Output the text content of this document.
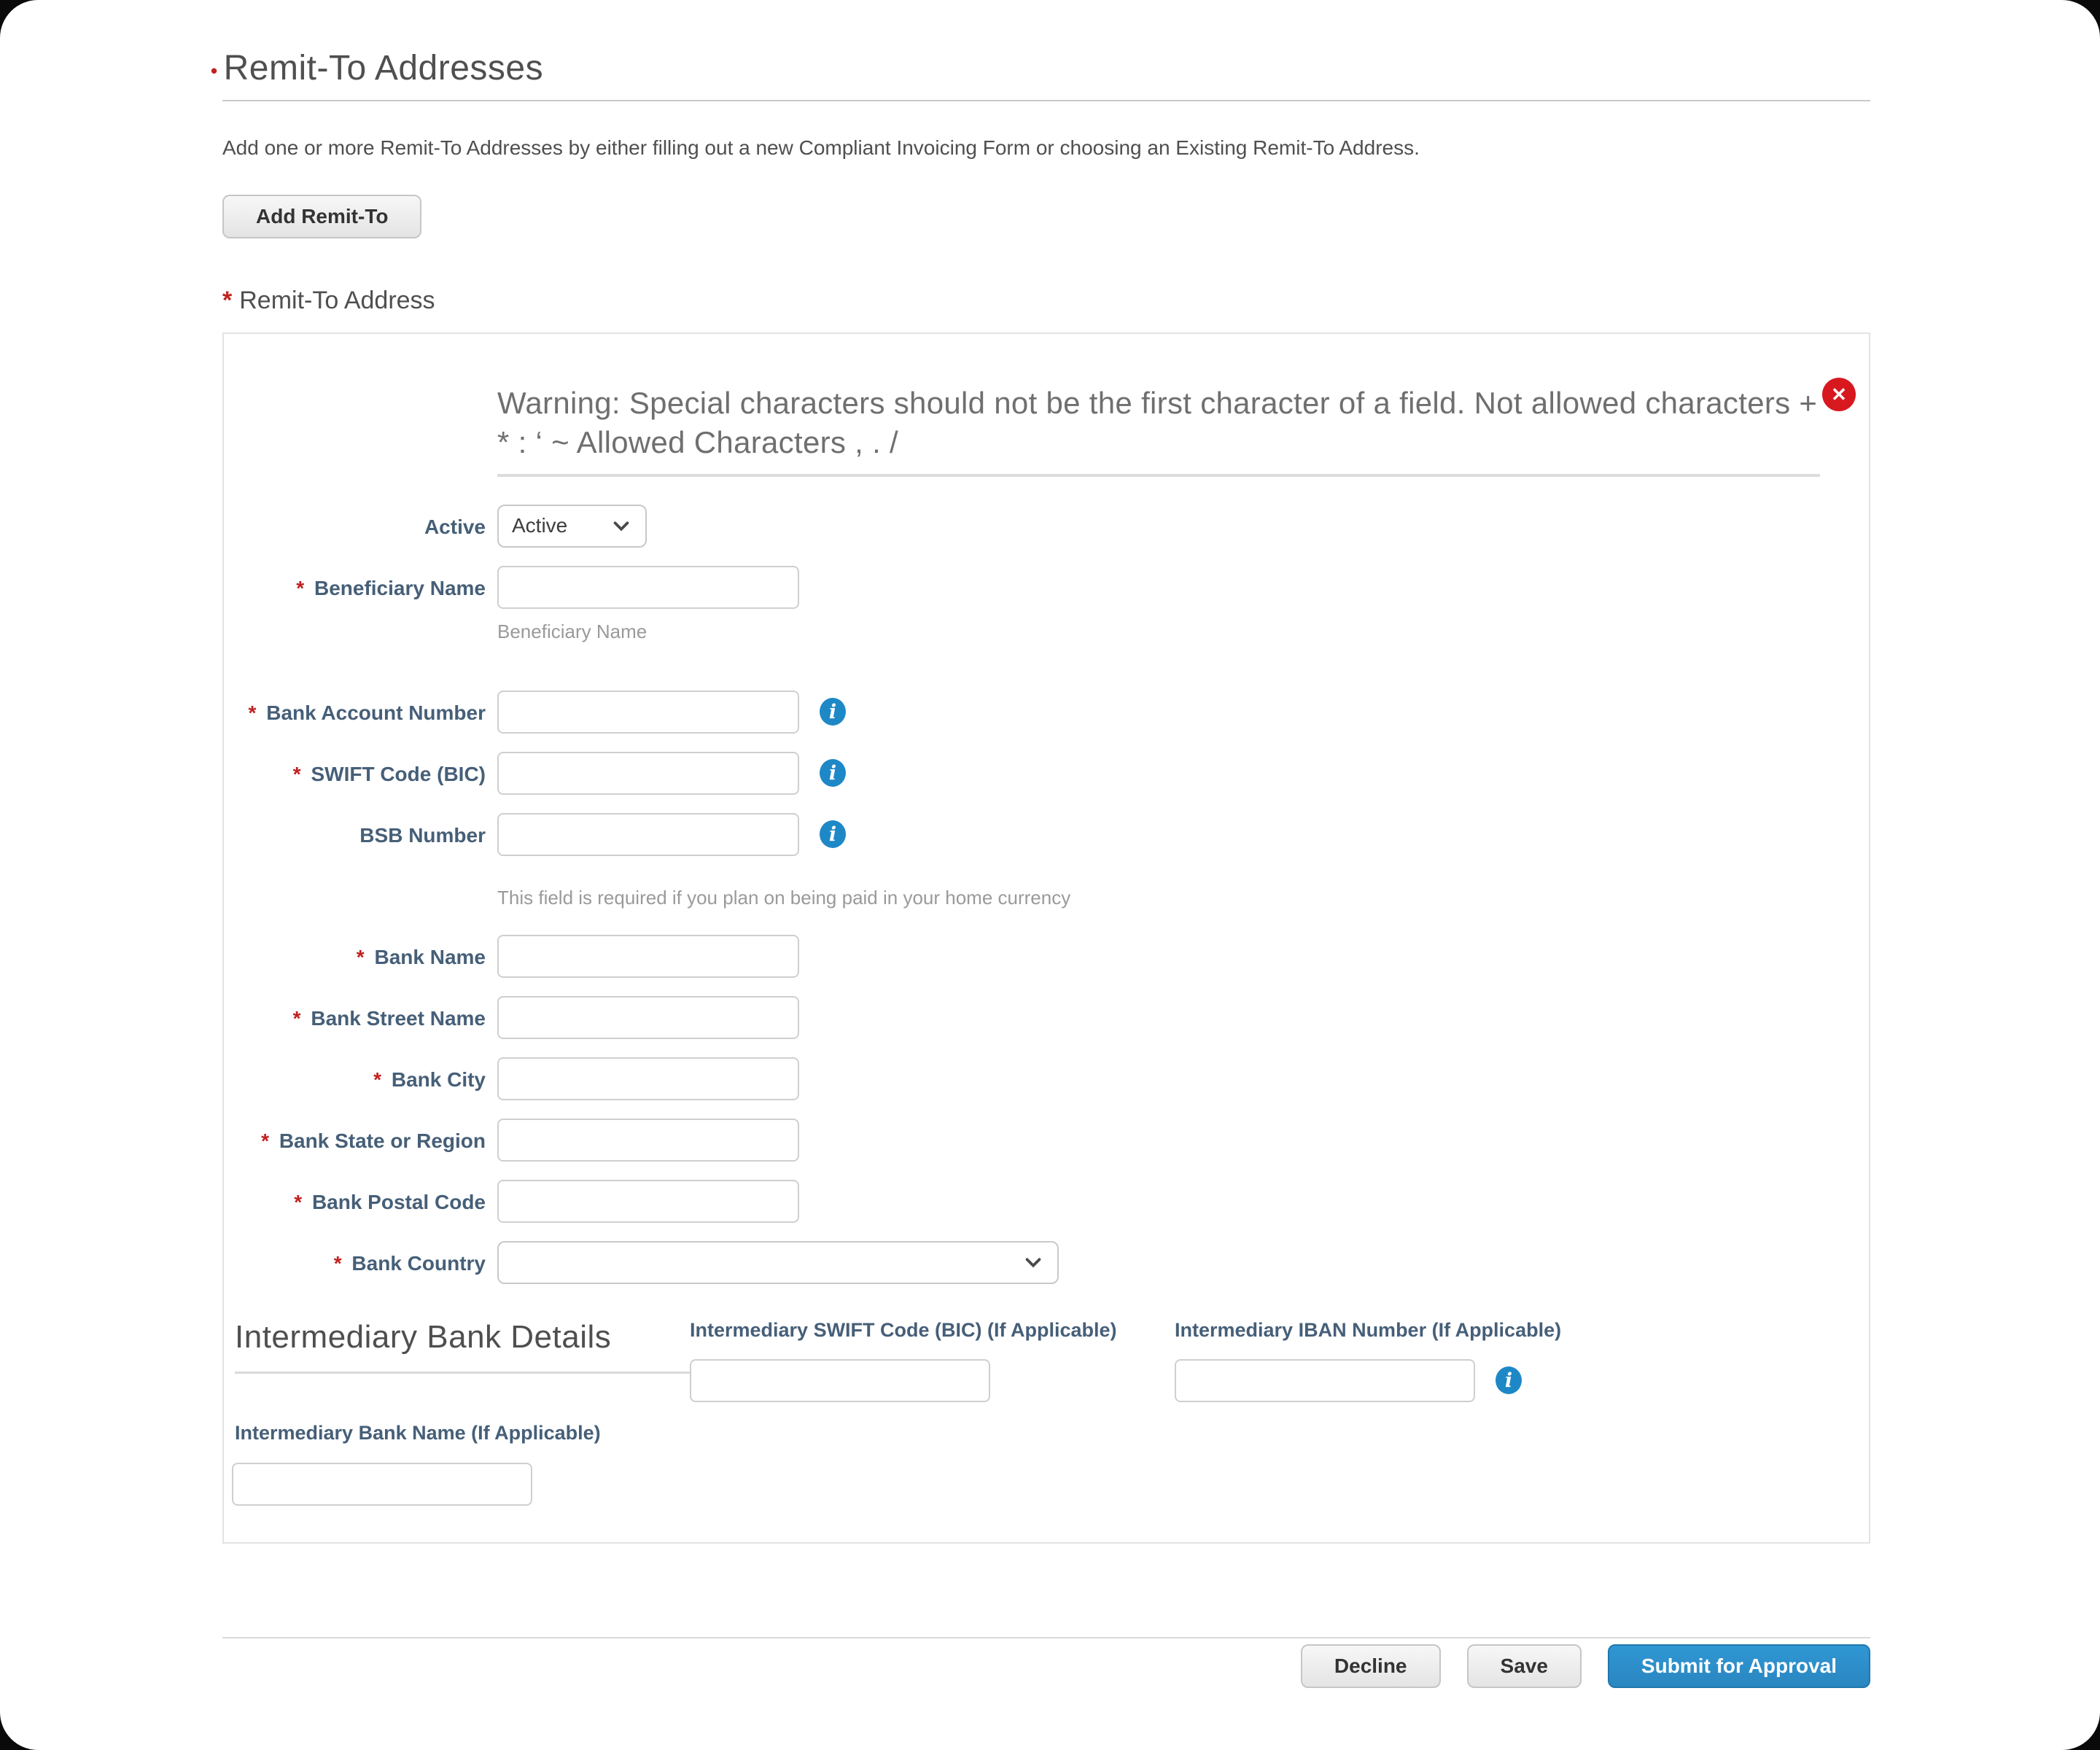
• Remit-To Addresses

Add one or more Remit-To Addresses by either filling out a new Compliant Invoicing Form or choosing an Existing Remit-To Address.

Add Remit-To
* Remit-To Address
✕
Warning: Special characters should not be the first character of a field. Not allowed characters + * : ‘ ~ Allowed Characters , . /
Active	Active
* Beneficiary Name
Beneficiary Name
* Bank Account Number	i
* SWIFT Code (BIC)	i
BSB Number	i
This field is required if you plan on being paid in your home currency
* Bank Name
* Bank Street Name
* Bank City
* Bank State or Region
* Bank Postal Code
* Bank Country
Intermediary Bank Details	Intermediary SWIFT Code (BIC) (If Applicable)	Intermediary IBAN Number (If Applicable)
i
Intermediary Bank Name (If Applicable)
Decline	Save	Submit for Approval
